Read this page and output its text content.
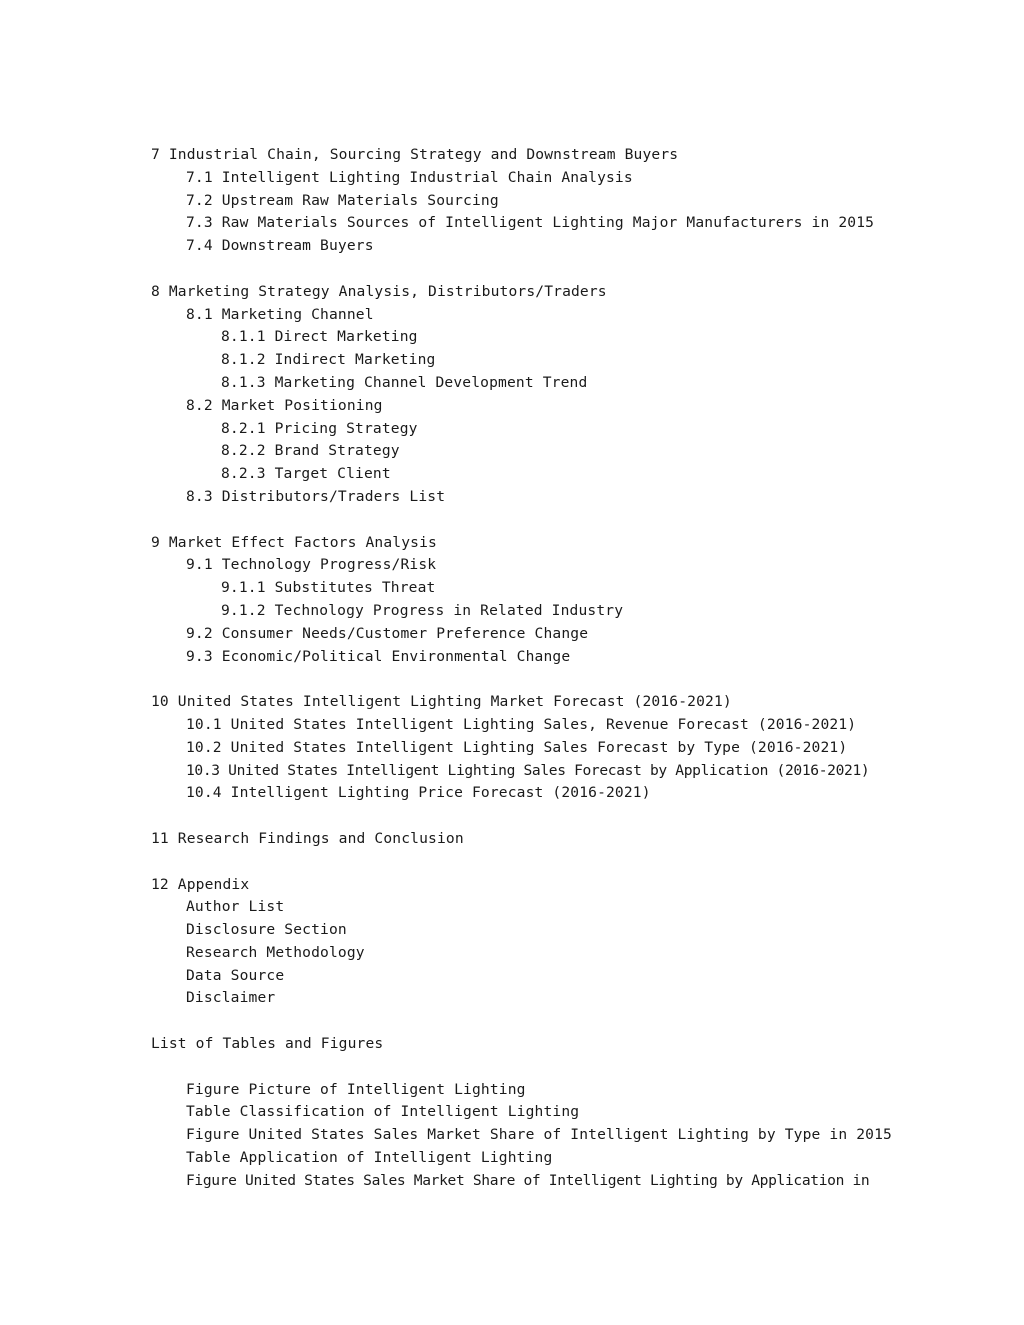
7 Industrial Chain, Sourcing Strategy and Downstream Buyers
7.1 Intelligent Lighting Industrial Chain Analysis
7.2 Upstream Raw Materials Sourcing
7.3 Raw Materials Sources of Intelligent Lighting Major Manufacturers in 2015
7.4 Downstream Buyers
8 Marketing Strategy Analysis, Distributors/Traders
8.1 Marketing Channel
8.1.1 Direct Marketing
8.1.2 Indirect Marketing
8.1.3 Marketing Channel Development Trend
8.2 Market Positioning
8.2.1 Pricing Strategy
8.2.2 Brand Strategy
8.2.3 Target Client
8.3 Distributors/Traders List
9 Market Effect Factors Analysis
9.1 Technology Progress/Risk
9.1.1 Substitutes Threat
9.1.2 Technology Progress in Related Industry
9.2 Consumer Needs/Customer Preference Change
9.3 Economic/Political Environmental Change
10 United States Intelligent Lighting Market Forecast (2016-2021)
10.1 United States Intelligent Lighting Sales, Revenue Forecast (2016-2021)
10.2 United States Intelligent Lighting Sales Forecast by Type (2016-2021)
10.3 United States Intelligent Lighting Sales Forecast by Application (2016-2021)
10.4 Intelligent Lighting Price Forecast (2016-2021)
11 Research Findings and Conclusion
12 Appendix
Author List
Disclosure Section
Research Methodology
Data Source
Disclaimer
List of Tables and Figures
Figure Picture of Intelligent Lighting
Table Classification of Intelligent Lighting
Figure United States Sales Market Share of Intelligent Lighting by Type in 2015
Table Application of Intelligent Lighting
Figure United States Sales Market Share of Intelligent Lighting by Application in
